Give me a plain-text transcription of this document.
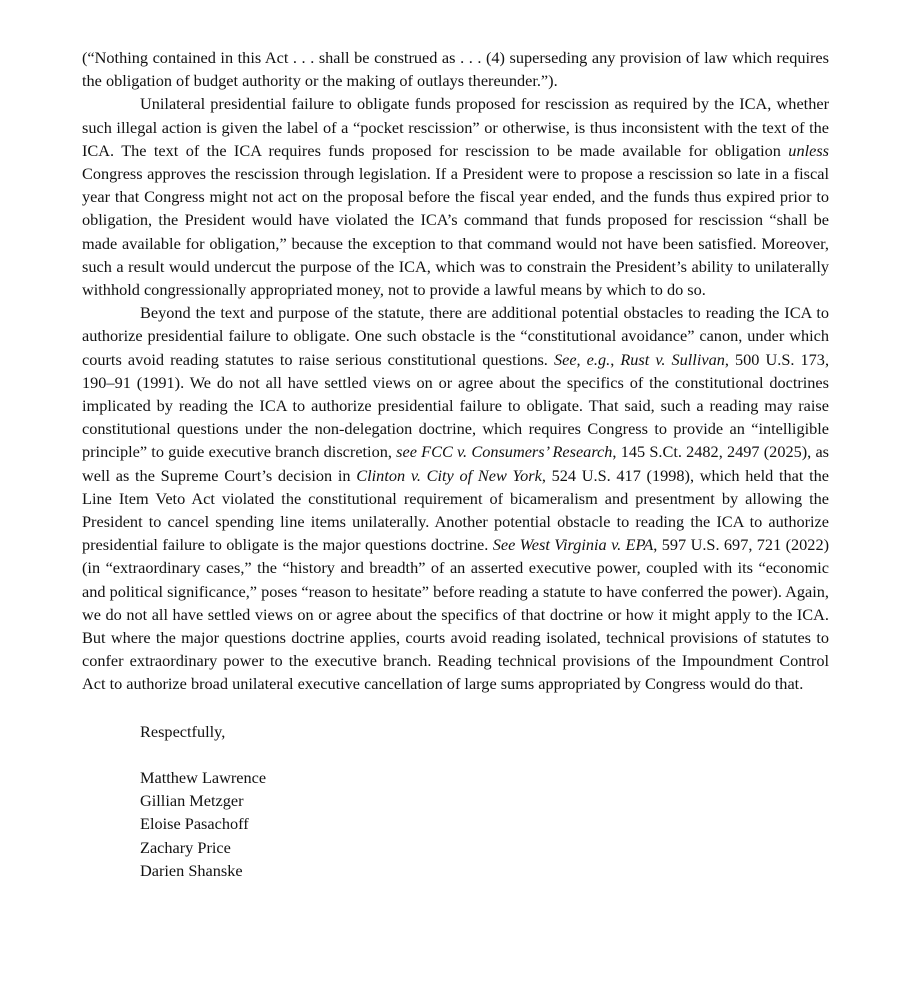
(“Nothing contained in this Act . . . shall be construed as . . . (4) superseding any provision of law which requires the obligation of budget authority or the making of outlays thereunder.”).

Unilateral presidential failure to obligate funds proposed for rescission as required by the ICA, whether such illegal action is given the label of a “pocket rescission” or otherwise, is thus inconsistent with the text of the ICA. The text of the ICA requires funds proposed for rescission to be made available for obligation unless Congress approves the rescission through legislation. If a President were to propose a rescission so late in a fiscal year that Congress might not act on the proposal before the fiscal year ended, and the funds thus expired prior to obligation, the President would have violated the ICA’s command that funds proposed for rescission “shall be made available for obligation,” because the exception to that command would not have been satisfied. Moreover, such a result would undercut the purpose of the ICA, which was to constrain the President’s ability to unilaterally withhold congressionally appropriated money, not to provide a lawful means by which to do so.

Beyond the text and purpose of the statute, there are additional potential obstacles to reading the ICA to authorize presidential failure to obligate. One such obstacle is the “constitutional avoidance” canon, under which courts avoid reading statutes to raise serious constitutional questions. See, e.g., Rust v. Sullivan, 500 U.S. 173, 190–91 (1991). We do not all have settled views on or agree about the specifics of the constitutional doctrines implicated by reading the ICA to authorize presidential failure to obligate. That said, such a reading may raise constitutional questions under the non-delegation doctrine, which requires Congress to provide an “intelligible principle” to guide executive branch discretion, see FCC v. Consumers’ Research, 145 S.Ct. 2482, 2497 (2025), as well as the Supreme Court’s decision in Clinton v. City of New York, 524 U.S. 417 (1998), which held that the Line Item Veto Act violated the constitutional requirement of bicameralism and presentment by allowing the President to cancel spending line items unilaterally. Another potential obstacle to reading the ICA to authorize presidential failure to obligate is the major questions doctrine. See West Virginia v. EPA, 597 U.S. 697, 721 (2022) (in “extraordinary cases,” the “history and breadth” of an asserted executive power, coupled with its “economic and political significance,” poses “reason to hesitate” before reading a statute to have conferred the power). Again, we do not all have settled views on or agree about the specifics of that doctrine or how it might apply to the ICA. But where the major questions doctrine applies, courts avoid reading isolated, technical provisions of statutes to confer extraordinary power to the executive branch. Reading technical provisions of the Impoundment Control Act to authorize broad unilateral executive cancellation of large sums appropriated by Congress would do that.

Respectfully,

Matthew Lawrence
Gillian Metzger
Eloise Pasachoff
Zachary Price
Darien Shanske
